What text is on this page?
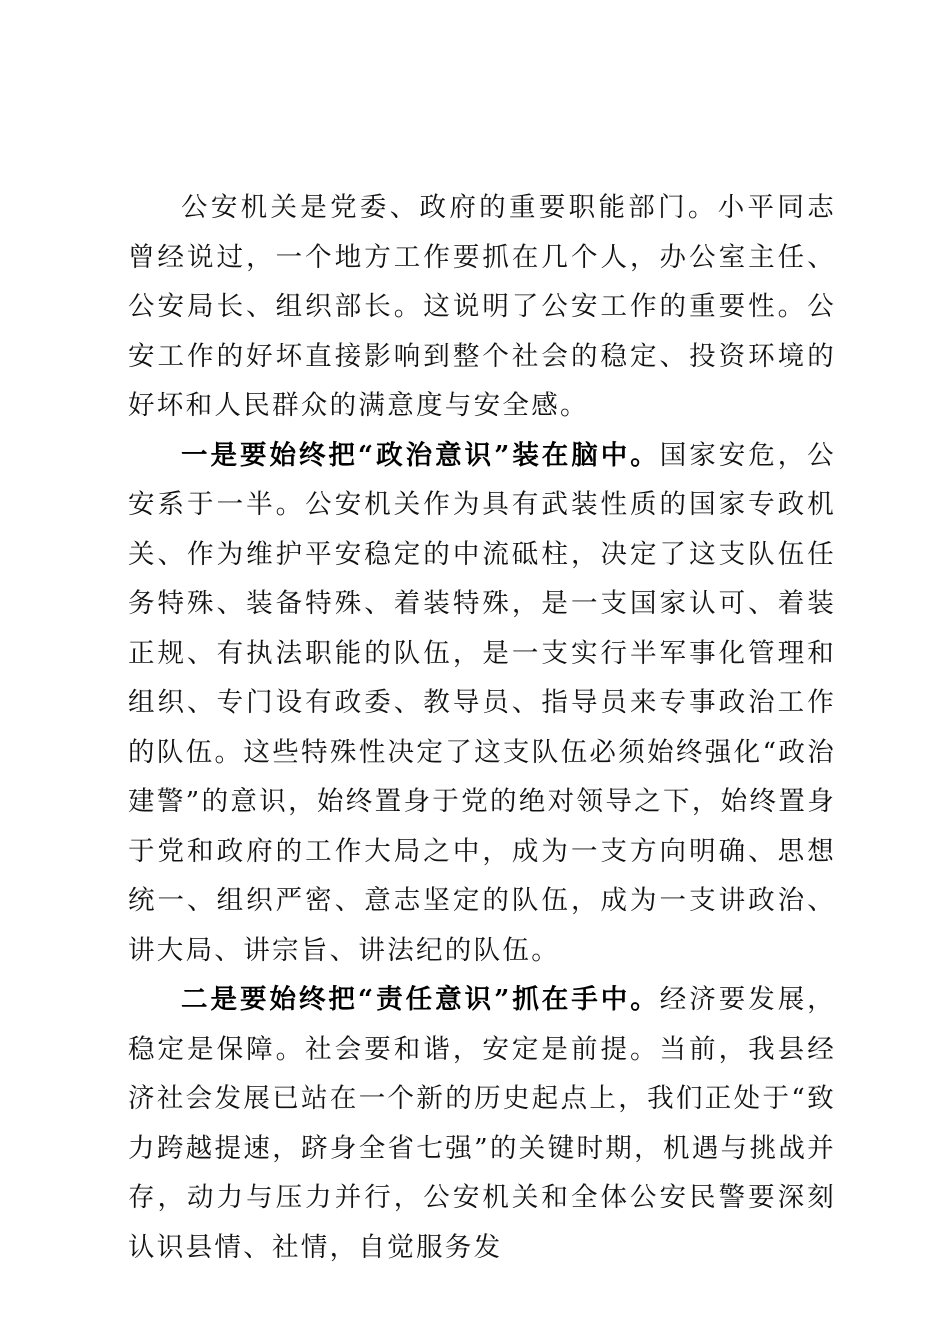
公安机关是党委、政府的重要职能部门。小平同志曾经说过，一个地方工作要抓在几个人，办公室主任、公安局长、组织部长。这说明了公安工作的重要性。公安工作的好坏直接影响到整个社会的稳定、投资环境的好坏和人民群众的满意度与安全感。

一是要始终把“政治意识”装在脑中。国家安危，公安系于一半。公安机关作为具有武装性质的国家专政机关、作为维护平安稳定的中流砥柱，决定了这支队伍任务特殊、装备特殊、着装特殊，是一支国家认可、着装正规、有执法职能的队伍，是一支实行半军事化管理和组织、专门设有政委、教导员、指导员来专事政治工作的队伍。这些特殊性决定了这支队伍必须始终强化“政治建警”的意识，始终置身于党的绝对领导之下，始终置身于党和政府的工作大局之中，成为一支方向明确、思想统一、组织严密、意志坚定的队伍，成为一支讲政治、讲大局、讲宗旨、讲法纪的队伍。

二是要始终把“责任意识”抓在手中。经济要发展，稳定是保障。社会要和谐，安定是前提。当前，我县经济社会发展已站在一个新的历史起点上，我们正处于“致力跨越提速，跻身全省七强”的关键时期，机遇与挑战并存，动力与压力并行，公安机关和全体公安民警要深刻认识县情、社情，自觉服务发
